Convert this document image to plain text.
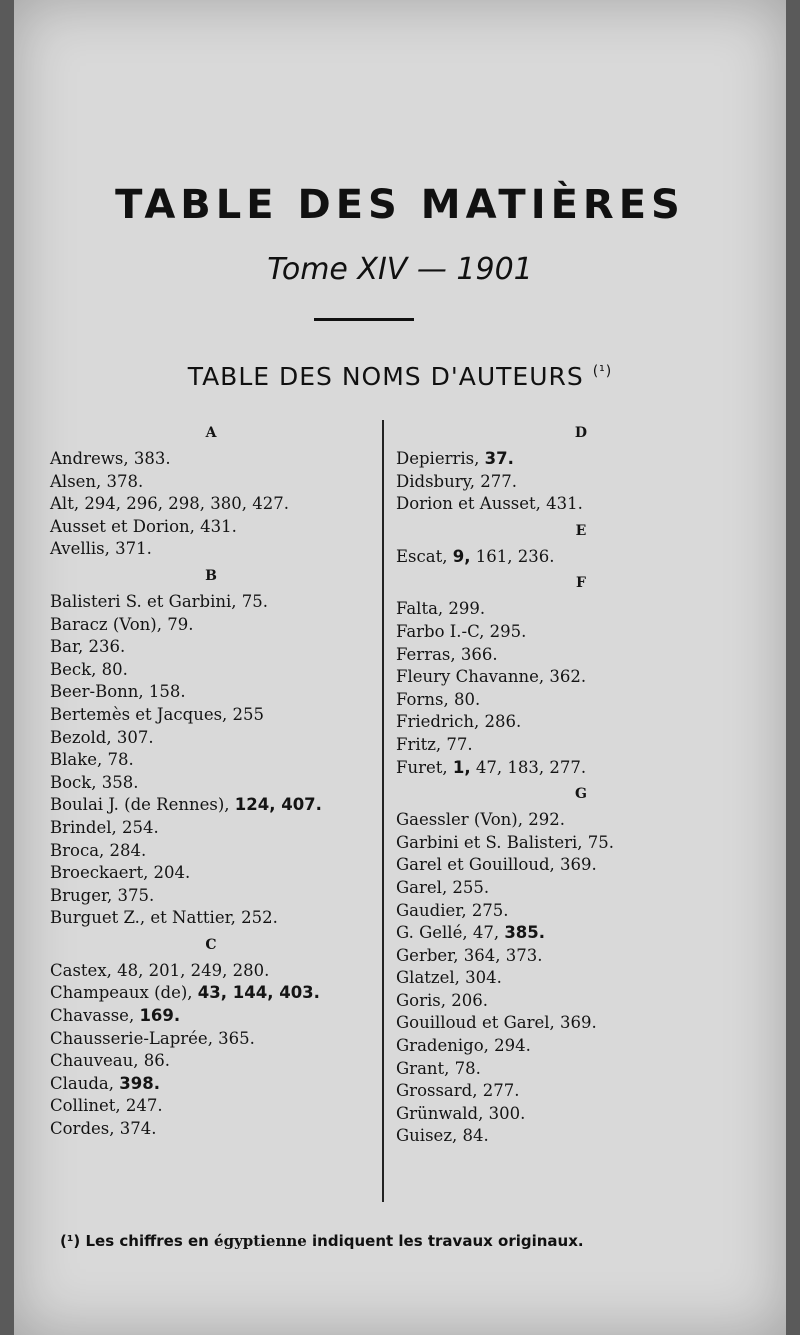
TABLE DES MATIÈRES
Tome XIV — 1901
TABLE DES NOMS D'AUTEURS $^{(^1)}$
A
Andrews, 383.
Alsen, 378.
Alt, 294, 296, 298, 380, 427.
Ausset et Dorion, 431.
Avellis, 371.
B
Balisteri S. et Garbini, 75.
Baracz (Von), 79.
Bar, 236.
Beck, 80.
Beer-Bonn, 158.
Bertemès et Jacques, 255
Bezold, 307.
Blake, 78.
Bock, 358.
Boulai J. (de Rennes), 124, 407.
Brindel, 254.
Broca, 284.
Broeckaert, 204.
Bruger, 375.
Burguet Z., et Nattier, 252.
C
Castex, 48, 201, 249, 280.
Champeaux (de), 43, 144, 403.
Chavasse, 169.
Chausserie-Laprée, 365.
Chauveau, 86.
Clauda, 398.
Collinet, 247.
Cordes, 374.
D
Depierris, 37.
Didsbury, 277.
Dorion et Ausset, 431.
E
Escat, 9, 161, 236.
F
Falta, 299.
Farbo I.-C, 295.
Ferras, 366.
Fleury Chavanne, 362.
Forns, 80.
Friedrich, 286.
Fritz, 77.
Furet, 1, 47, 183, 277.
G
Gaessler (Von), 292.
Garbini et S. Balisteri, 75.
Garel et Gouilloud, 369.
Garel, 255.
Gaudier, 275.
G. Gellé, 47, 385.
Gerber, 364, 373.
Glatzel, 304.
Goris, 206.
Gouilloud et Garel, 369.
Gradenigo, 294.
Grant, 78.
Grossard, 277.
Grünwald, 300.
Guisez, 84.
(¹) Les chiffres en égyptienne indiquent les travaux originaux.
